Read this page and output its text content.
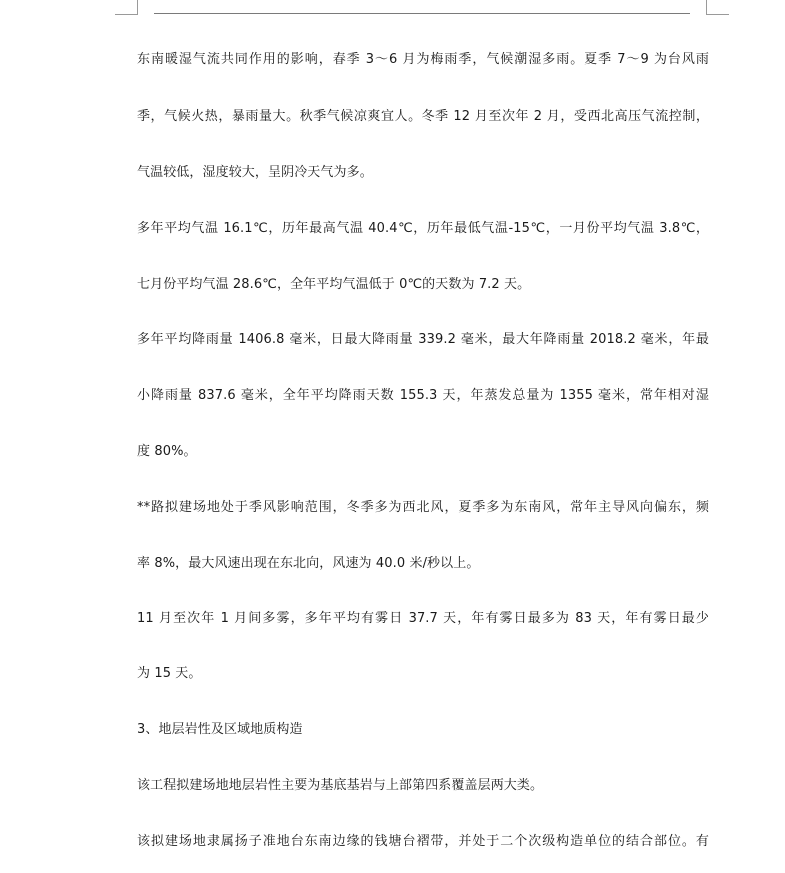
东南暖湿气流共同作用的影响，春季 3～6 月为梅雨季，气候潮湿多雨。夏季 7～9 为台风雨
季，气候火热，暴雨量大。秋季气候凉爽宜人。冬季 12 月至次年 2 月，受西北高压气流控制，
气温较低，湿度较大，呈阴冷天气为多。
多年平均气温 16.1℃，历年最高气温 40.4℃，历年最低气温-15℃，一月份平均气温 3.8℃，
七月份平均气温 28.6℃，全年平均气温低于 0℃的天数为 7.2 天。
多年平均降雨量 1406.8 毫米，日最大降雨量 339.2 毫米，最大年降雨量 2018.2 毫米，年最
小降雨量 837.6 毫米，全年平均降雨天数 155.3 天，年蒸发总量为 1355 毫米，常年相对湿
度 80%。
**路拟建场地处于季风影响范围，冬季多为西北风，夏季多为东南风，常年主导风向偏东，频
率 8%，最大风速出现在东北向，风速为 40.0 米/秒以上。
11 月至次年 1 月间多雾，多年平均有雾日 37.7 天，年有雾日最多为 83 天，年有雾日最少
为 15 天。
3、地层岩性及区域地质构造
该工程拟建场地地层岩性主要为基底基岩与上部第四系覆盖层两大类。
该拟建场地隶属扬子准地台东南边缘的钱塘台褶带，并处于二个次级构造单位的结合部位。有
